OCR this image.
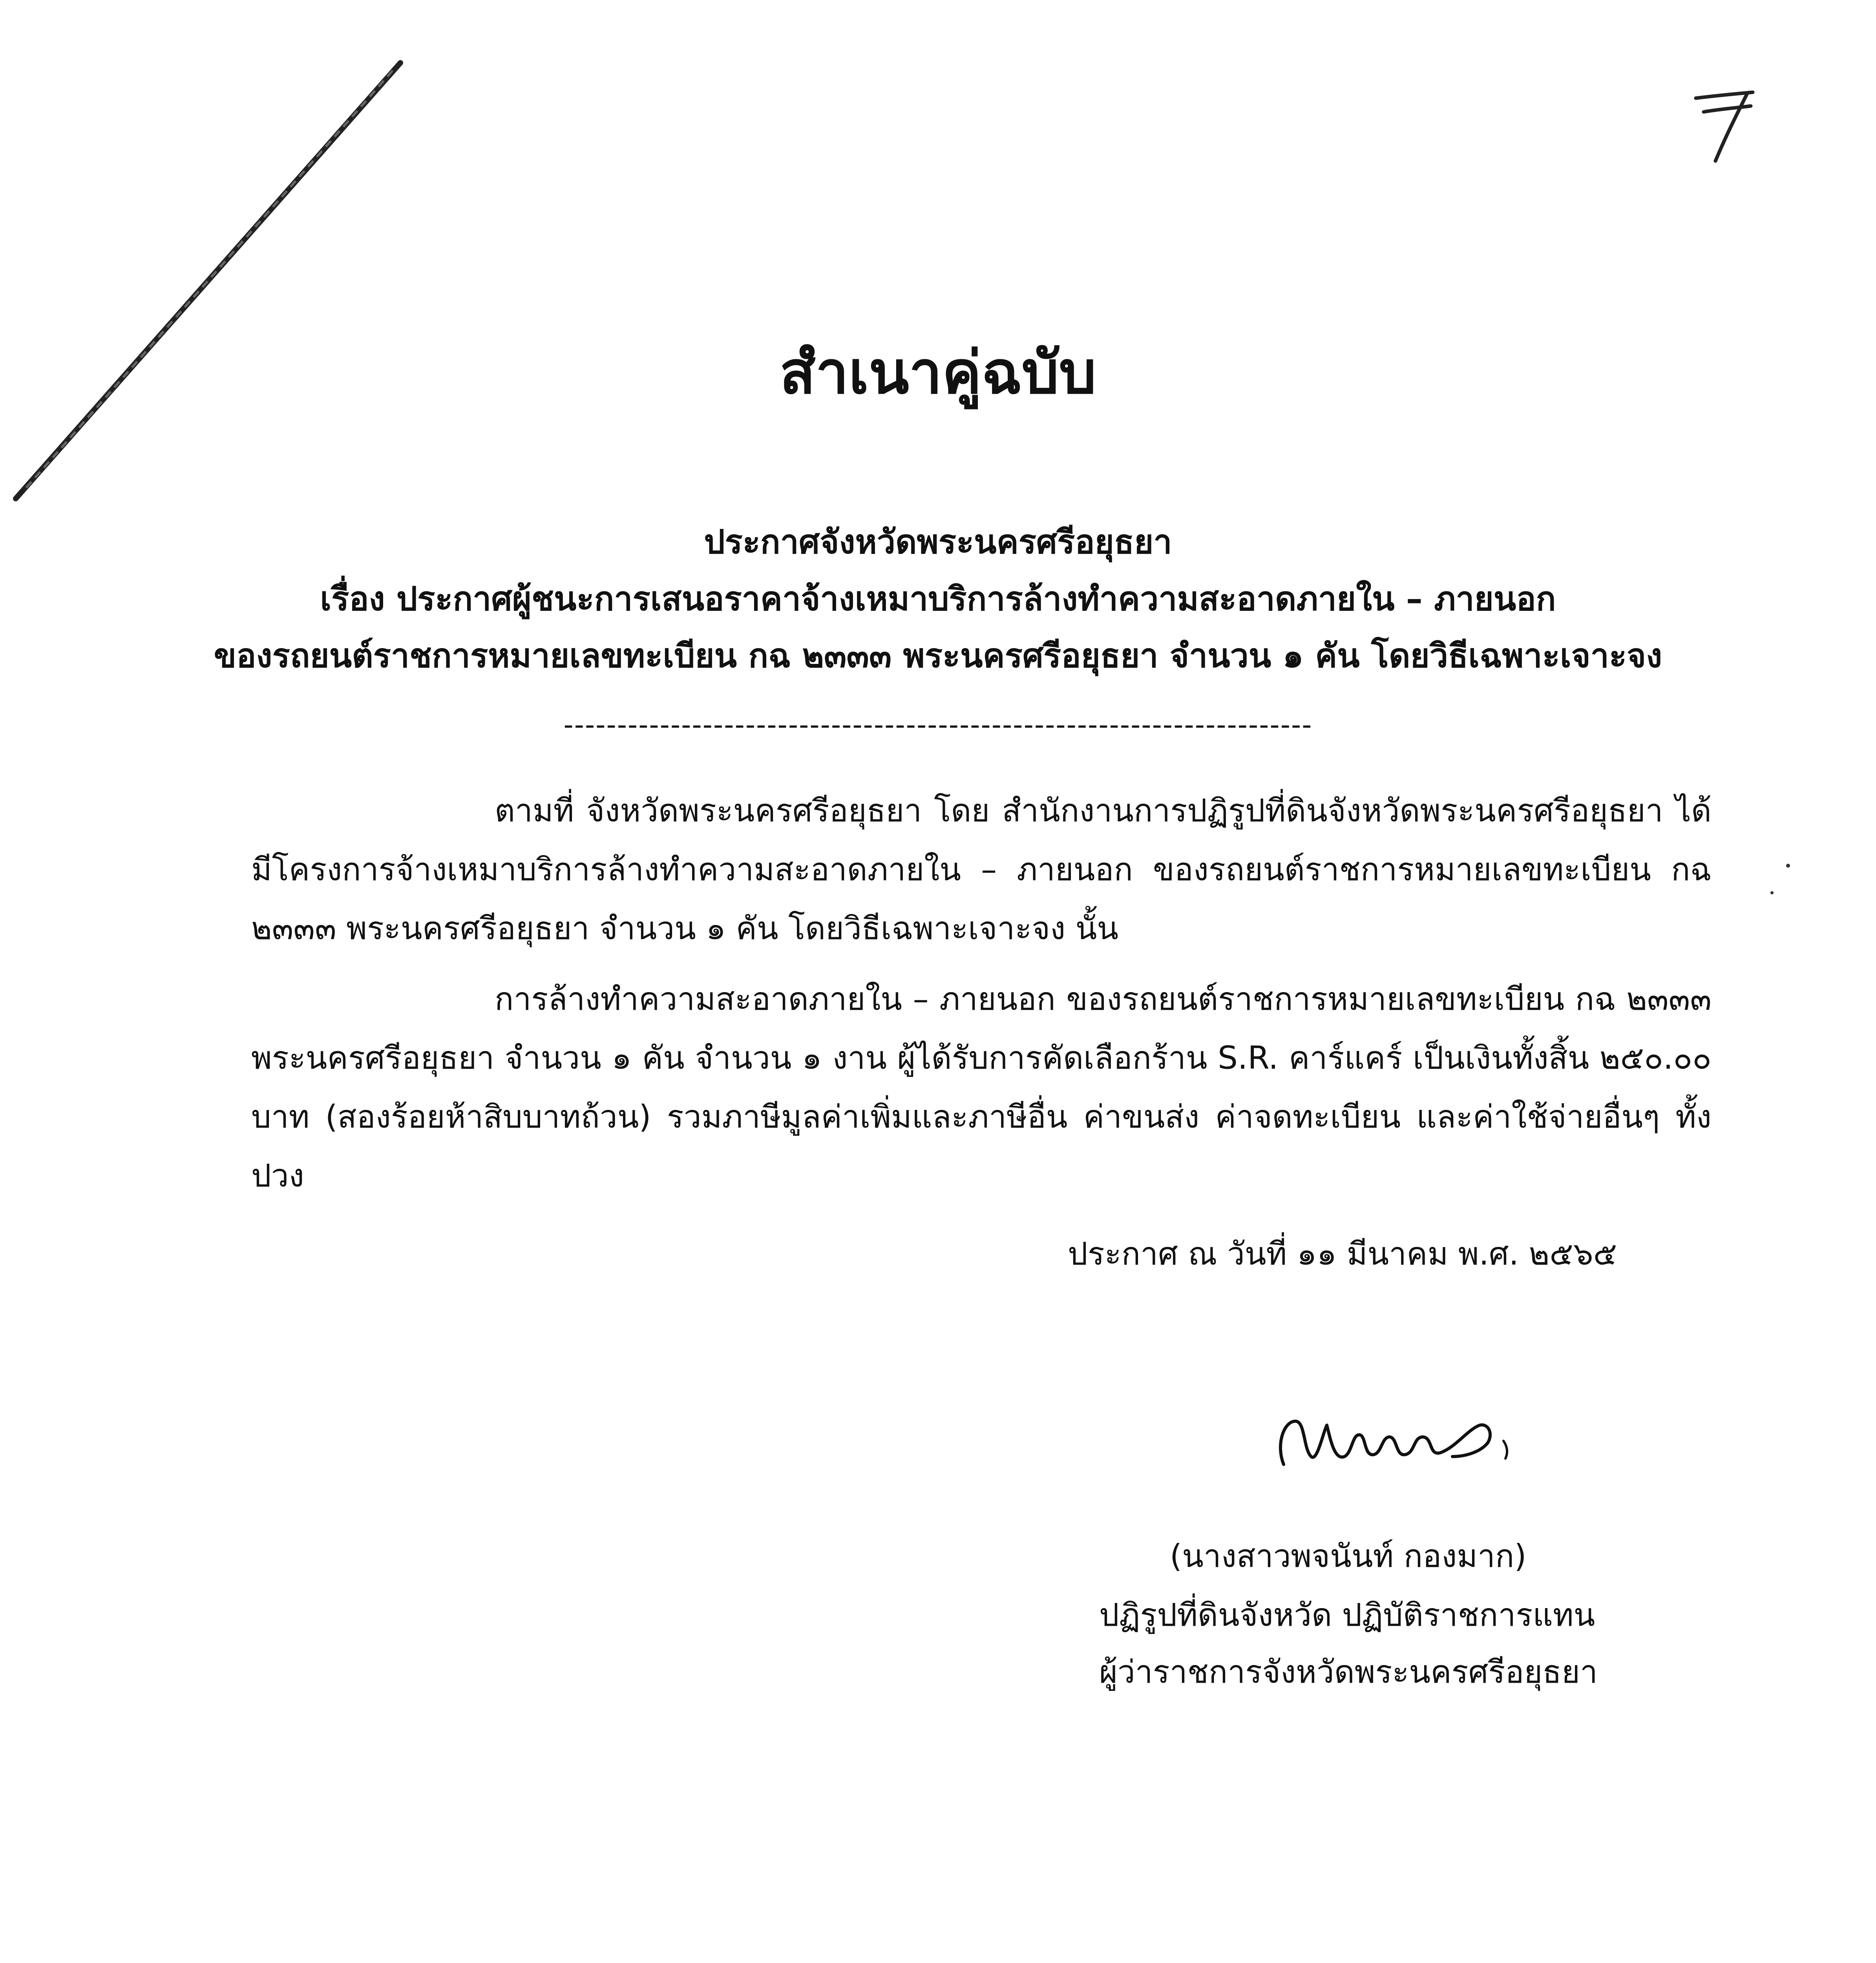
สำเนาคู่ฉบับ
ประกาศจังหวัดพระนครศรีอยุธยา
เรื่อง ประกาศผู้ชนะการเสนอราคาจ้างเหมาบริการล้างทำความสะอาดภายใน – ภายนอก
ของรถยนต์ราชการหมายเลขทะเบียน กฉ ๒๓๓๓ พระนครศรีอยุธยา จำนวน ๑ คัน โดยวิธีเฉพาะเจาะจง
----------------------------------------------------------------------
ตามที่ จังหวัดพระนครศรีอยุธยา โดย สำนักงานการปฏิรูปที่ดินจังหวัดพระนครศรีอยุธยา ได้มีโครงการจ้างเหมาบริการล้างทำความสะอาดภายใน – ภายนอก ของรถยนต์ราชการหมายเลขทะเบียน กฉ ๒๓๓๓ พระนครศรีอยุธยา จำนวน ๑ คัน โดยวิธีเฉพาะเจาะจง นั้น
การล้างทำความสะอาดภายใน – ภายนอก ของรถยนต์ราชการหมายเลขทะเบียน กฉ ๒๓๓๓ พระนครศรีอยุธยา จำนวน ๑ คัน จำนวน ๑ งาน ผู้ได้รับการคัดเลือกร้าน S.R. คาร์แคร์ เป็นเงินทั้งสิ้น ๒๕๐.๐๐ บาท (สองร้อยห้าสิบบาทถ้วน) รวมภาษีมูลค่าเพิ่มและภาษีอื่น ค่าขนส่ง ค่าจดทะเบียน และค่าใช้จ่ายอื่นๆ ทั้งปวง
ประกาศ ณ วันที่ ๑๑ มีนาคม พ.ศ. ๒๕๖๕
(นางสาวพจนันท์ กองมาก)
ปฏิรูปที่ดินจังหวัด ปฏิบัติราชการแทน
ผู้ว่าราชการจังหวัดพระนครศรีอยุธยา
